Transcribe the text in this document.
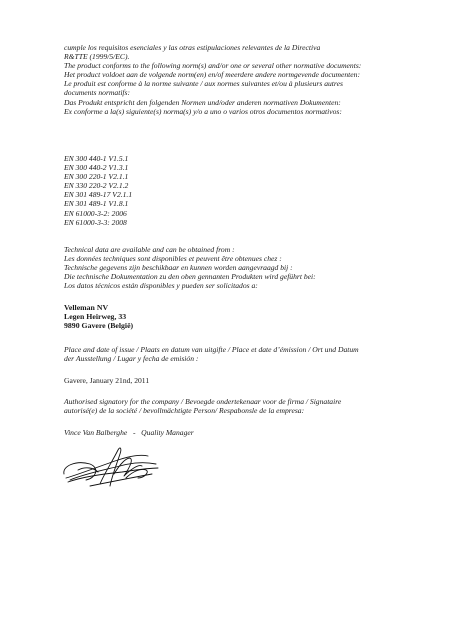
cumple los requisitos esenciales y las otras estipulaciones relevantes de la Directiva
R&TTE (1999/5/EC).
The product conforms to the following norm(s) and/or one or several other normative documents:
Het product voldoet aan de volgende norm(en) en/of meerdere andere normgevende documenten:
Le produit est conforme à la norme suivante / aux normes suivantes et/ou à plusieurs autres
documents normatifs:
Das Produkt entspricht den folgenden Normen und/oder anderen normativen Dokumenten:
Ex conforme a la(s) siguiente(s) norma(s) y/o a uno o varios otros documentos normativos:
EN 300 440-1 V1.5.1
EN 300 440-2 V1.3.1
EN 300 220-1 V2.1.1
EN 330 220-2 V2.1.2
EN 301 489-17 V2.1.1
EN 301 489-1 V1.8.1
EN 61000-3-2: 2006
EN 61000-3-3: 2008
Technical data are available and can be obtained from :
Les données techniques sont disponibles et peuvent être obtenues chez :
Technische gegevens zijn beschikbaar en kunnen worden aangevraagd bij :
Die technische Dokumentation zu den oben gennanten Produkten wird geführt bei:
Los datos técnicos están disponibles y pueden ser solicitados a:
Velleman NV
Legen Heirweg, 33
9890 Gavere (België)
Place and date of issue / Plaats en datum van uitgifte / Place et date d’émission / Ort und Datum
der Ausstellung / Lugar y fecha de emisión :
Gavere, January 21nd, 2011
Authorised signatory for the company / Bevoegde ondertekenaar voor de firma / Signataire
autorisé(e) de la société / bevollmächtigte Person/ Respabonsle de la empresa:
Vince Van Balberghe   -   Quality Manager
